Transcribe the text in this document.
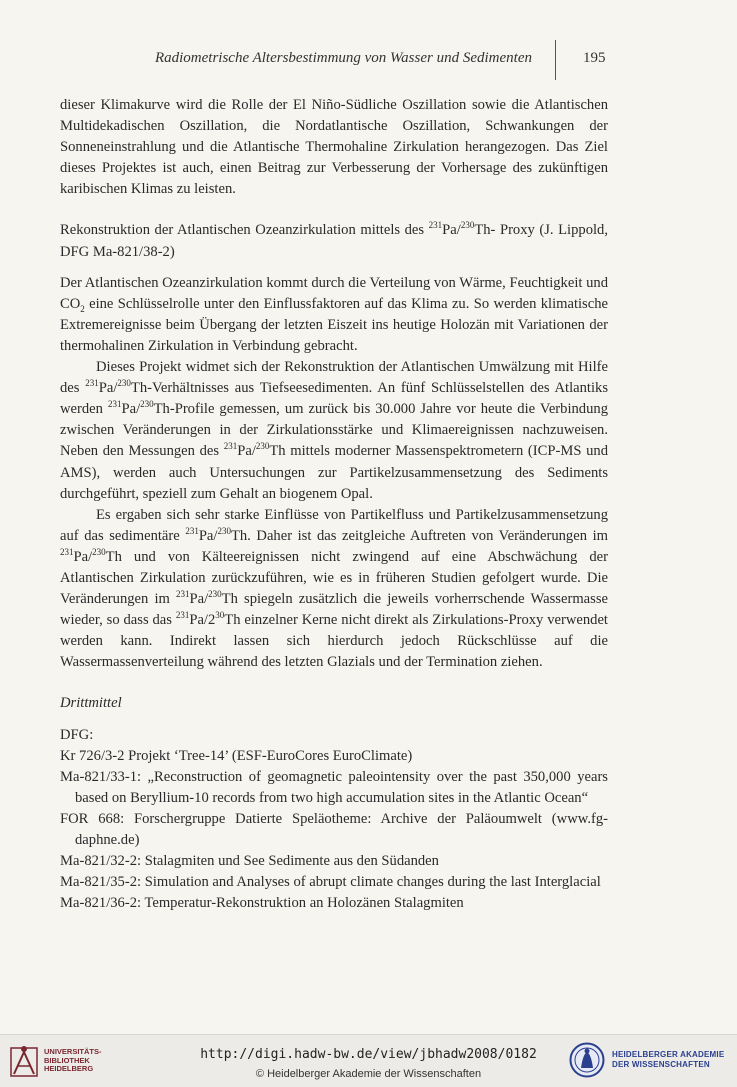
Radiometrische Altersbestimmung von Wasser und Sedimenten	195

dieser Klimakurve wird die Rolle der El Niño-Südliche Oszillation sowie die Atlantischen Multidekadischen Oszillation, die Nordatlantische Oszillation, Schwankungen der Sonneneinstrahlung und die Atlantische Thermohaline Zirkulation herangezogen. Das Ziel dieses Projektes ist auch, einen Beitrag zur Verbesserung der Vorhersage des zukünftigen karibischen Klimas zu leisten.

Rekonstruktion der Atlantischen Ozeanzirkulation mittels des $^{231}$Pa/$^{230}$Th- Proxy (J. Lippold, DFG Ma-821/38-2)

Der Atlantischen Ozeanzirkulation kommt durch die Verteilung von Wärme, Feuchtigkeit und $CO_2$ eine Schlüsselrolle unter den Einflussfaktoren auf das Klima zu. So werden klimatische Extremereignisse beim Übergang der letzten Eiszeit ins heutige Holozän mit Variationen der thermohalinen Zirkulation in Verbindung gebracht.

Dieses Projekt widmet sich der Rekonstruktion der Atlantischen Umwälzung mit Hilfe des $^{231}$Pa/$^{230}$Th-Verhältnisses aus Tiefseesedimenten. An fünf Schlüsselstellen des Atlantiks werden $^{231}$Pa/$^{230}$Th-Profile gemessen, um zurück bis 30.000 Jahre vor heute die Verbindung zwischen Veränderungen in der Zirkulationsstärke und Klimaereignissen nachzuweisen. Neben den Messungen des $^{231}$Pa/$^{230}$Th mittels moderner Massenspektrometern (ICP-MS und AMS), werden auch Untersuchungen zur Partikelzusammensetzung des Sediments durchgeführt, speziell zum Gehalt an biogenem Opal.

Es ergaben sich sehr starke Einflüsse von Partikelfluss und Partikelzusammensetzung auf das sedimentäre $^{231}$Pa/$^{230}$Th. Daher ist das zeitgleiche Auftreten von Veränderungen im $^{231}$Pa/$^{230}$Th und von Kälteereignissen nicht zwingend auf eine Abschwächung der Atlantischen Zirkulation zurückzuführen, wie es in früheren Studien gefolgert wurde. Die Veränderungen im $^{231}$Pa/$^{230}$Th spiegeln zusätzlich die jeweils vorherrschende Wassermasse wieder, so dass das $^{231}Pa/2^{30}Th$ einzelner Kerne nicht direkt als Zirkulations-Proxy verwendet werden kann. Indirekt lassen sich hierdurch jedoch Rückschlüsse auf die Wassermassenverteilung während des letzten Glazials und der Termination ziehen.

Drittmittel

DFG:

Kr 726/3-2 Projekt ‘Tree-14’ (ESF-EuroCores EuroClimate)

Ma-821/33-1: „Reconstruction of geomagnetic paleointensity over the past 350,000 years based on Beryllium-10 records from two high accumulation sites in the Atlantic Ocean“

FOR 668: Forschergruppe Datierte Speläotheme: Archive der Paläoumwelt (www.fg-daphne.de)

Ma-821/32-2: Stalagmiten und See Sedimente aus den Südanden

Ma-821/35-2: Simulation and Analyses of abrupt climate changes during the last Interglacial

Ma-821/36-2: Temperatur-Rekonstruktion an Holozänen Stalagmiten

UNIVERSITÄTS-
BIBLIOTHEK
HEIDELBERG
http://digi.hadw-bw.de/view/jbhadw2008/0182
© Heidelberger Akademie der Wissenschaften
HEIDELBERGER AKADEMIE
DER WISSENSCHAFTEN
